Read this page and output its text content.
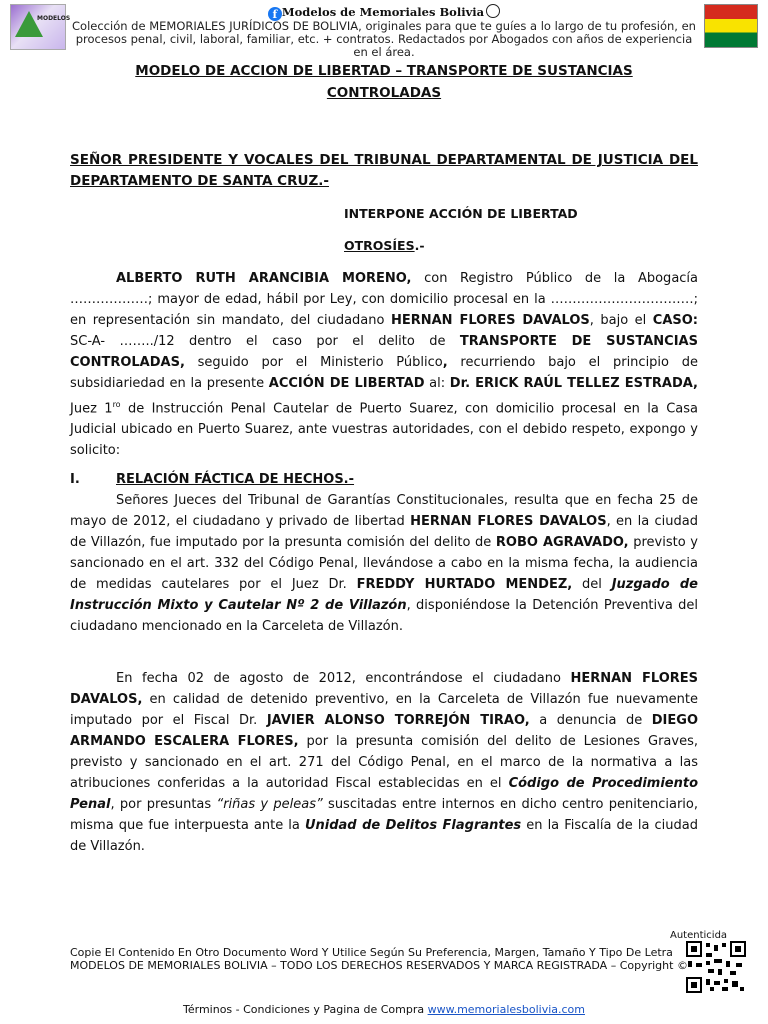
MODELOS	f Modelos de Memoriales Bolivia
Colección de MEMORIALES JURÍDICOS DE BOLIVIA, originales para que te guíes a lo largo de tu profesión, en procesos penal, civil, laboral, familiar, etc. + contratos. Redactados por Abogados con años de experiencia en el área.
MODELO DE ACCION DE LIBERTAD – TRANSPORTE DE SUSTANCIAS
CONTROLADAS
SEÑOR PRESIDENTE Y VOCALES DEL TRIBUNAL DEPARTAMENTAL DE JUSTICIA DEL DEPARTAMENTO DE SANTA CRUZ.-
INTERPONE ACCIÓN DE LIBERTAD
OTROSÍES.-
ALBERTO RUTH ARANCIBIA MORENO, con Registro Público de la Abogacía ………………; mayor de edad, hábil por Ley, con domicilio procesal en la ……………………………; en representación sin mandato, del ciudadano HERNAN FLORES DAVALOS, bajo el CASO: SC-A- ……../12 dentro el caso por el delito de TRANSPORTE DE SUSTANCIAS CONTROLADAS, seguido por el Ministerio Público, recurriendo bajo el principio de subsidiariedad en la presente ACCIÓN DE LIBERTAD al: Dr. ERICK RAÚL TELLEZ ESTRADA, Juez $1^{ro}$ de Instrucción Penal Cautelar de Puerto Suarez, con domicilio procesal en la Casa Judicial ubicado en Puerto Suarez, ante vuestras autoridades, con el debido respeto, expongo y solicito:
I.	RELACIÓN FÁCTICA DE HECHOS.-
Señores Jueces del Tribunal de Garantías Constitucionales, resulta que en fecha 25 de mayo de 2012, el ciudadano y privado de libertad HERNAN FLORES DAVALOS, en la ciudad de Villazón, fue imputado por la presunta comisión del delito de ROBO AGRAVADO, previsto y sancionado en el art. 332 del Código Penal, llevándose a cabo en la misma fecha, la audiencia de medidas cautelares por el Juez Dr. FREDDY HURTADO MENDEZ, del Juzgado de Instrucción Mixto y Cautelar Nº 2 de Villazón, disponiéndose la Detención Preventiva del ciudadano mencionado en la Carceleta de Villazón.
En fecha 02 de agosto de 2012, encontrándose el ciudadano HERNAN FLORES DAVALOS, en calidad de detenido preventivo, en la Carceleta de Villazón fue nuevamente imputado por el Fiscal Dr. JAVIER ALONSO TORREJÓN TIRAO, a denuncia de DIEGO ARMANDO ESCALERA FLORES, por la presunta comisión del delito de Lesiones Graves, previsto y sancionado en el art. 271 del Código Penal, en el marco de la normativa a las atribuciones conferidas a la autoridad Fiscal establecidas en el Código de Procedimiento Penal, por presuntas “riñas y peleas” suscitadas entre internos en dicho centro penitenciario, misma que fue interpuesta ante la Unidad de Delitos Flagrantes en la Fiscalía de la ciudad de Villazón.
Autenticida
Copie El Contenido En Otro Documento Word Y Utilice Según Su Preferencia, Margen, Tamaño Y Tipo De Letra
MODELOS DE MEMORIALES BOLIVIA – TODO LOS DERECHOS RESERVADOS Y MARCA REGISTRADA – Copyright ©
Términos - Condiciones y Pagina de Compra www.memorialesbolivia.com
